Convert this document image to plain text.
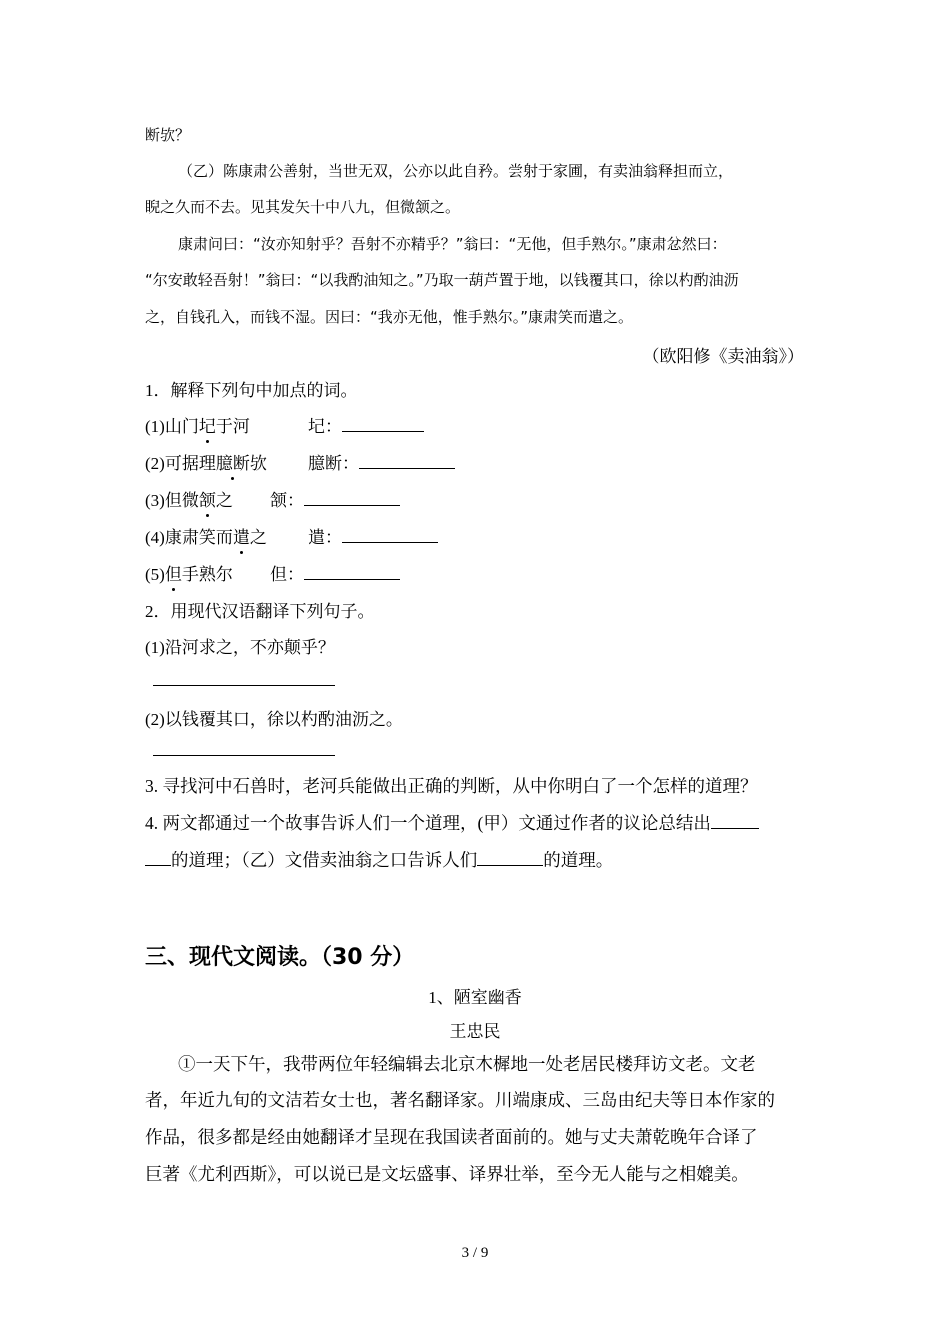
断欤？
（乙）陈康肃公善射，当世无双，公亦以此自矜。尝射于家圃，有卖油翁释担而立，
睨之久而不去。见其发矢十中八九，但微颔之。
康肃问曰：“汝亦知射乎？吾射不亦精乎？”翁曰：“无他，但手熟尔。”康肃忿然曰：
“尔安敢轻吾射！”翁曰：“以我酌油知之。”乃取一葫芦置于地，以钱覆其口，徐以杓酌油沥
之，自钱孔入，而钱不湿。因曰：“我亦无他，惟手熟尔。”康肃笑而遣之。
（欧阳修《卖油翁》）
1．解释下列句中加点的词。
(1)山门圮于河	圮：
(2)可据理臆断欤 臆断：
(3)但微颔之 颔：
(4)康肃笑而遣之 遣：
(5)但手熟尔 但：
2．用现代汉语翻译下列句子。
(1)沿河求之，不亦颠乎？
(2)以钱覆其口，徐以杓酌油沥之。
3. 寻找河中石兽时，老河兵能做出正确的判断，从中你明白了一个怎样的道理？
4. 两文都通过一个故事告诉人们一个道理，(甲）文通过作者的议论总结出
的道理；（乙）文借卖油翁之口告诉人们	的道理。
三、现代文阅读。（30 分）
1、陋室幽香
王忠民
①一天下午，我带两位年轻编辑去北京木樨地一处老居民楼拜访文老。文老
者，年近九旬的文洁若女士也，著名翻译家。川端康成、三岛由纪夫等日本作家的
作品，很多都是经由她翻译才呈现在我国读者面前的。她与丈夫萧乾晚年合译了
巨著《尤利西斯》，可以说已是文坛盛事、译界壮举，至今无人能与之相媲美。
3 / 9
